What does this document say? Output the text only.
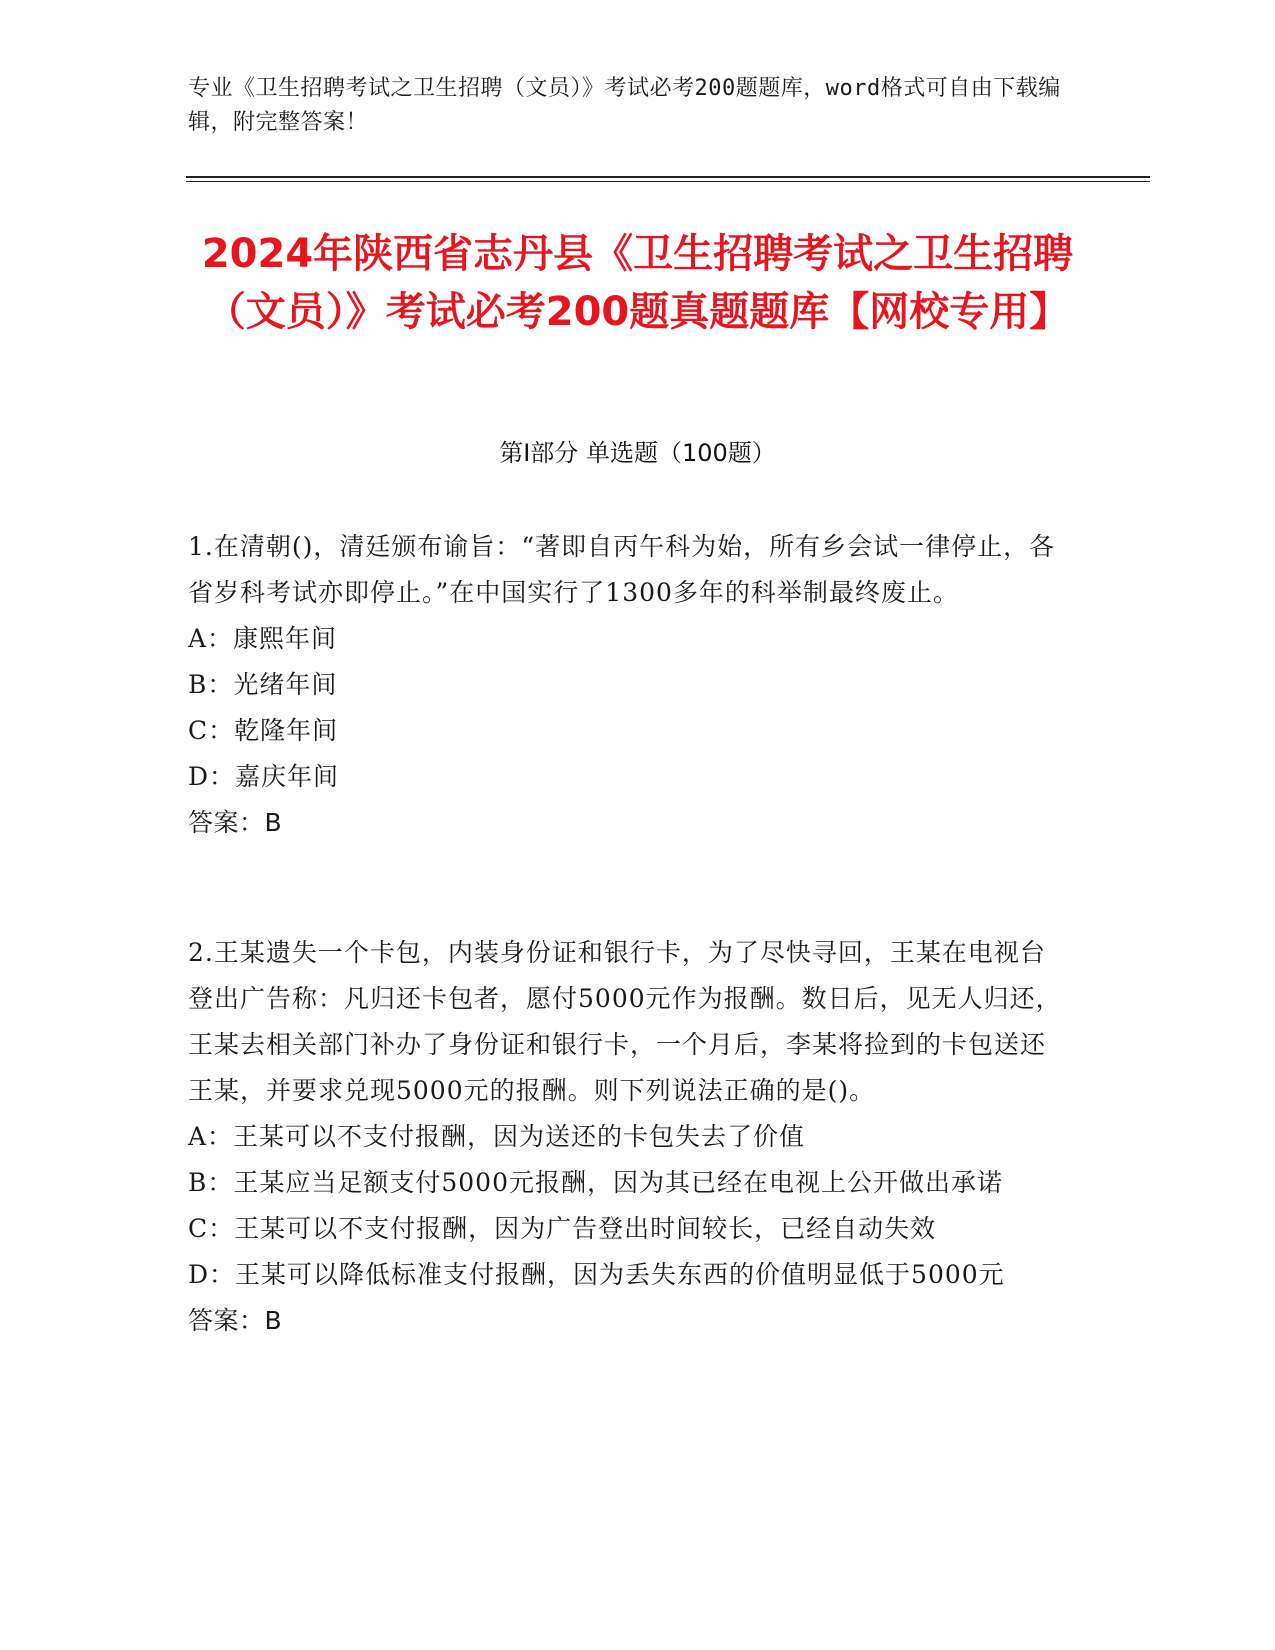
专业《卫生招聘考试之卫生招聘（文员）》考试必考200题题库，word格式可自由下载编辑，附完整答案！
2024年陕西省志丹县《卫生招聘考试之卫生招聘（文员）》考试必考200题真题题库【网校专用】
第I部分 单选题（100题）

1.在清朝()，清廷颁布谕旨：“著即自丙午科为始，所有乡会试一律停止，各省岁科考试亦即停止。”在中国实行了1300多年的科举制最终废止。

A：康熙年间
B：光绪年间
C：乾隆年间
D：嘉庆年间
答案：B

2.王某遗失一个卡包，内装身份证和银行卡，为了尽快寻回，王某在电视台登出广告称：凡归还卡包者，愿付5000元作为报酬。数日后，见无人归还，王某去相关部门补办了身份证和银行卡，一个月后，李某将捡到的卡包送还王某，并要求兑现5000元的报酬。则下列说法正确的是()。

A：王某可以不支付报酬，因为送还的卡包失去了价值
B：王某应当足额支付5000元报酬，因为其已经在电视上公开做出承诺
C：王某可以不支付报酬，因为广告登出时间较长，已经自动失效
D：王某可以降低标准支付报酬，因为丢失东西的价值明显低于5000元
答案：B
